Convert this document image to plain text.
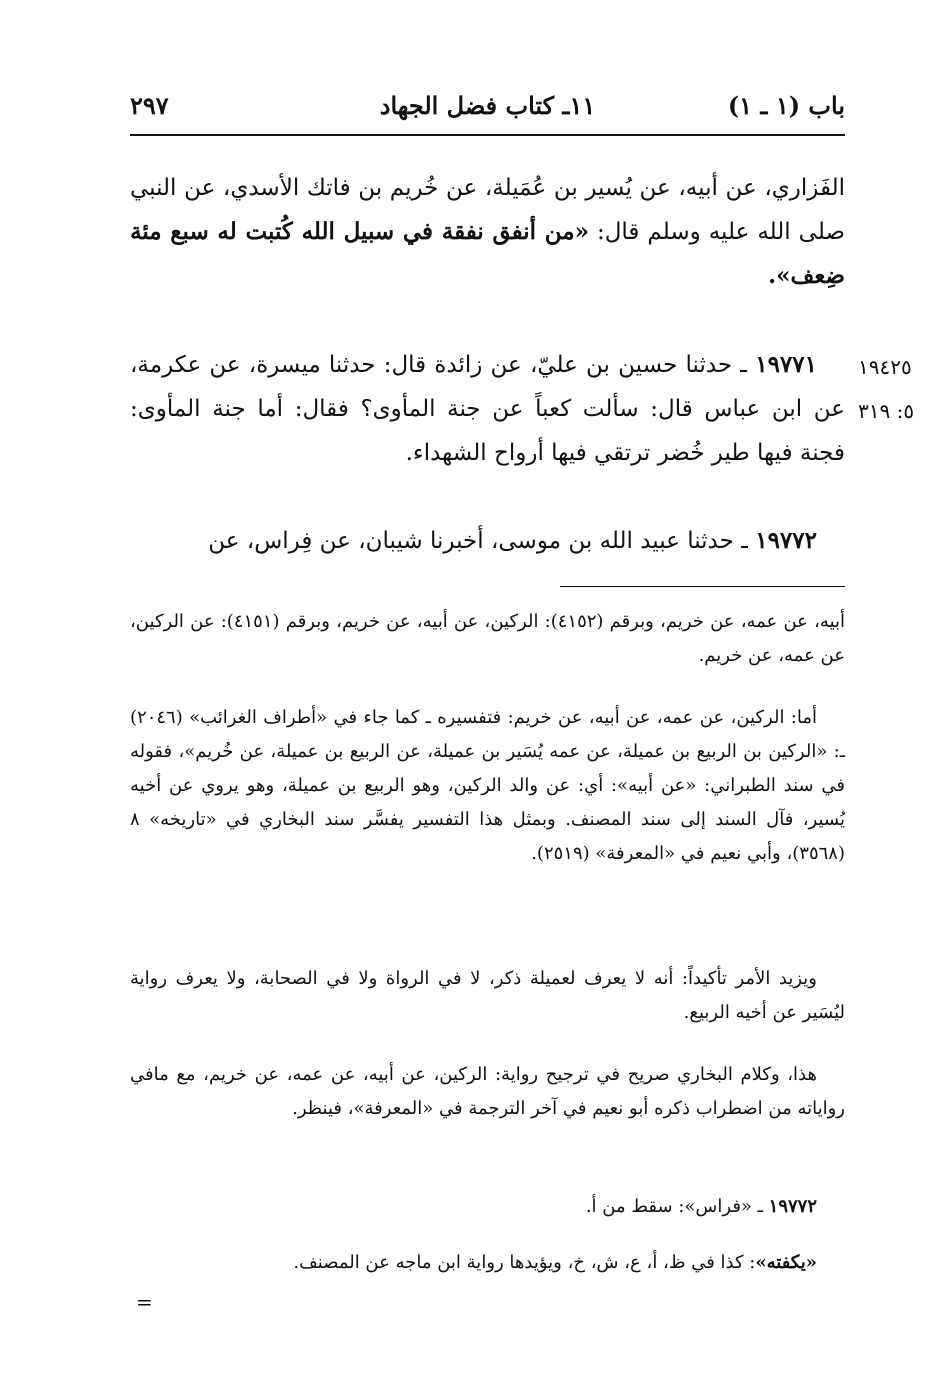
باب (١ ـ ١)
١١ـ كتاب فضل الجهاد
٢٩٧

الفَزاري، عن أبيه، عن يُسير بن عُمَيلة، عن خُريم بن فاتك الأسدي، عن النبي صلى الله عليه وسلم قال: «من أنفق نفقة في سبيل الله كُتبت له سبع مئة ضِعف».

١٩٧٧١ ـ حدثنا حسين بن عليّ، عن زائدة قال: حدثنا ميسرة، عن عكرمة، عن ابن عباس قال: سألت كعباً عن جنة المأوى؟ فقال: أما جنة المأوى: فجنة فيها طير خُضر ترتقي فيها أرواح الشهداء.

١٩٤٢٥
٥: ٣١٩

١٩٧٧٢ ـ حدثنا عبيد الله بن موسى، أخبرنا شيبان، عن فِراس، عن

أبيه، عن عمه، عن خريم، وبرقم (٤١٥٢): الركين، عن أبيه، عن خريم، وبرقم (٤١٥١): عن الركين، عن عمه، عن خريم.

أما: الركين، عن عمه، عن أبيه، عن خريم: فتفسيره ـ كما جاء في «أطراف الغرائب» (٢٠٤٦) ـ: «الركين بن الربيع بن عميلة، عن عمه يُسَير بن عميلة، عن الربيع بن عميلة، عن خُريم»، فقوله في سند الطبراني: «عن أبيه»: أي: عن والد الركين، وهو الربيع بن عميلة، وهو يروي عن أخيه يُسير، فآل السند إلى سند المصنف. وبمثل هذا التفسير يفسَّر سند البخاري في «تاريخه» ٨ (٣٥٦٨)، وأبي نعيم في «المعرفة» (٢٥١٩).

ويزيد الأمر تأكيداً: أنه لا يعرف لعميلة ذكر، لا في الرواة ولا في الصحابة، ولا يعرف رواية ليُسَير عن أخيه الربيع.

هذا، وكلام البخاري صريح في ترجيح رواية: الركين، عن أبيه، عن عمه، عن خريم، مع مافي رواياته من اضطراب ذكره أبو نعيم في آخر الترجمة في «المعرفة»، فينظر.

١٩٧٧٢ ـ «فراس»: سقط من أ.

«يكفته»: كذا في ظ، أ، ع، ش، خ، ويؤيدها رواية ابن ماجه عن المصنف.

=
